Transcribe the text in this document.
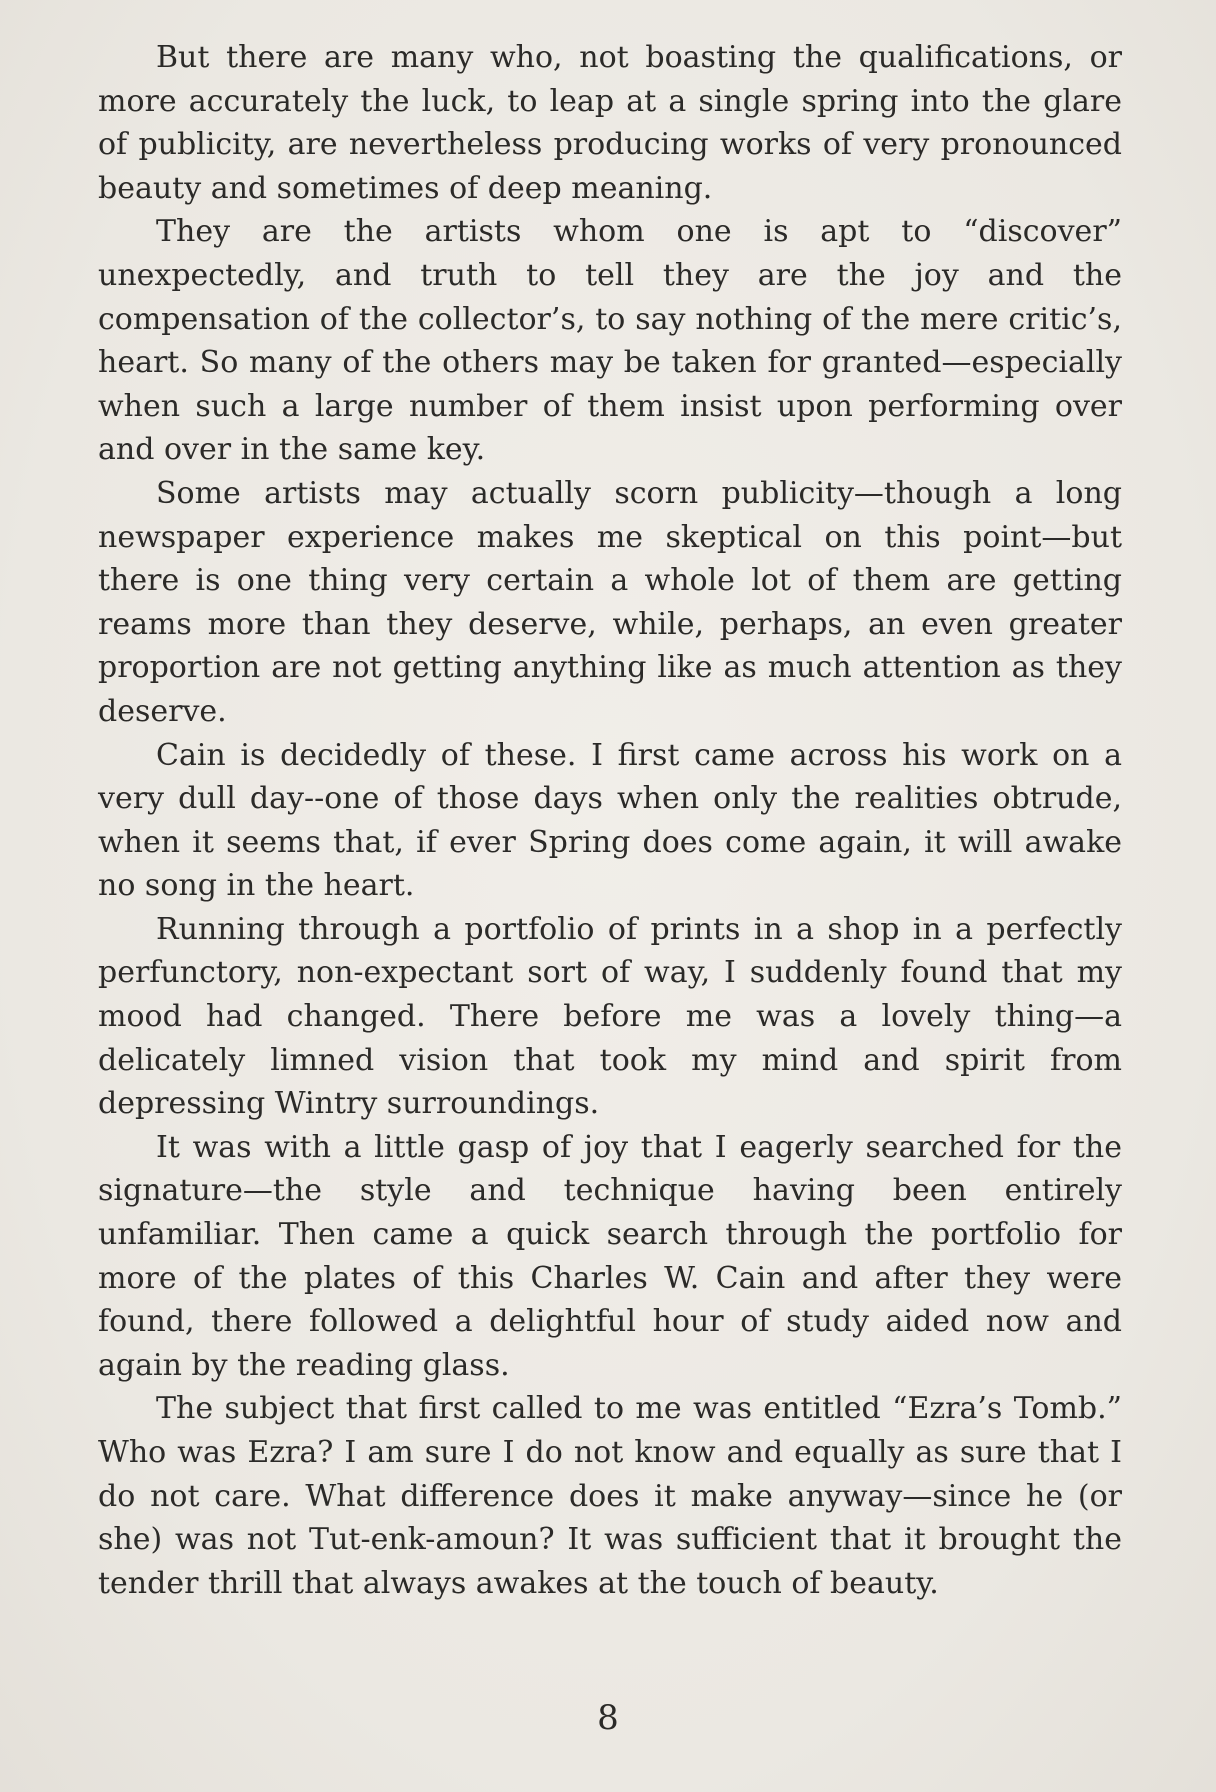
But there are many who, not boasting the qualifications, or more accurately the luck, to leap at a single spring into the glare of publicity, are nevertheless producing works of very pronounced beauty and sometimes of deep meaning.

They are the artists whom one is apt to “discover” unexpectedly, and truth to tell they are the joy and the compensation of the collector’s, to say nothing of the mere critic’s, heart. So many of the others may be taken for granted—especially when such a large number of them insist upon performing over and over in the same key.

Some artists may actually scorn publicity—though a long newspaper experience makes me skeptical on this point—but there is one thing very certain a whole lot of them are getting reams more than they deserve, while, perhaps, an even greater proportion are not getting anything like as much attention as they deserve.

Cain is decidedly of these. I first came across his work on a very dull day--one of those days when only the realities obtrude, when it seems that, if ever Spring does come again, it will awake no song in the heart.

Running through a portfolio of prints in a shop in a perfectly perfunctory, non-expectant sort of way, I suddenly found that my mood had changed. There before me was a lovely thing—a delicately limned vision that took my mind and spirit from depressing Wintry surroundings.

It was with a little gasp of joy that I eagerly searched for the signature—the style and technique having been entirely unfamiliar. Then came a quick search through the portfolio for more of the plates of this Charles W. Cain and after they were found, there followed a delightful hour of study aided now and again by the reading glass.

The subject that first called to me was entitled “Ezra’s Tomb.” Who was Ezra? I am sure I do not know and equally as sure that I do not care. What difference does it make anyway—since he (or she) was not Tut-enk-amoun? It was sufficient that it brought the tender thrill that always awakes at the touch of beauty.

8
